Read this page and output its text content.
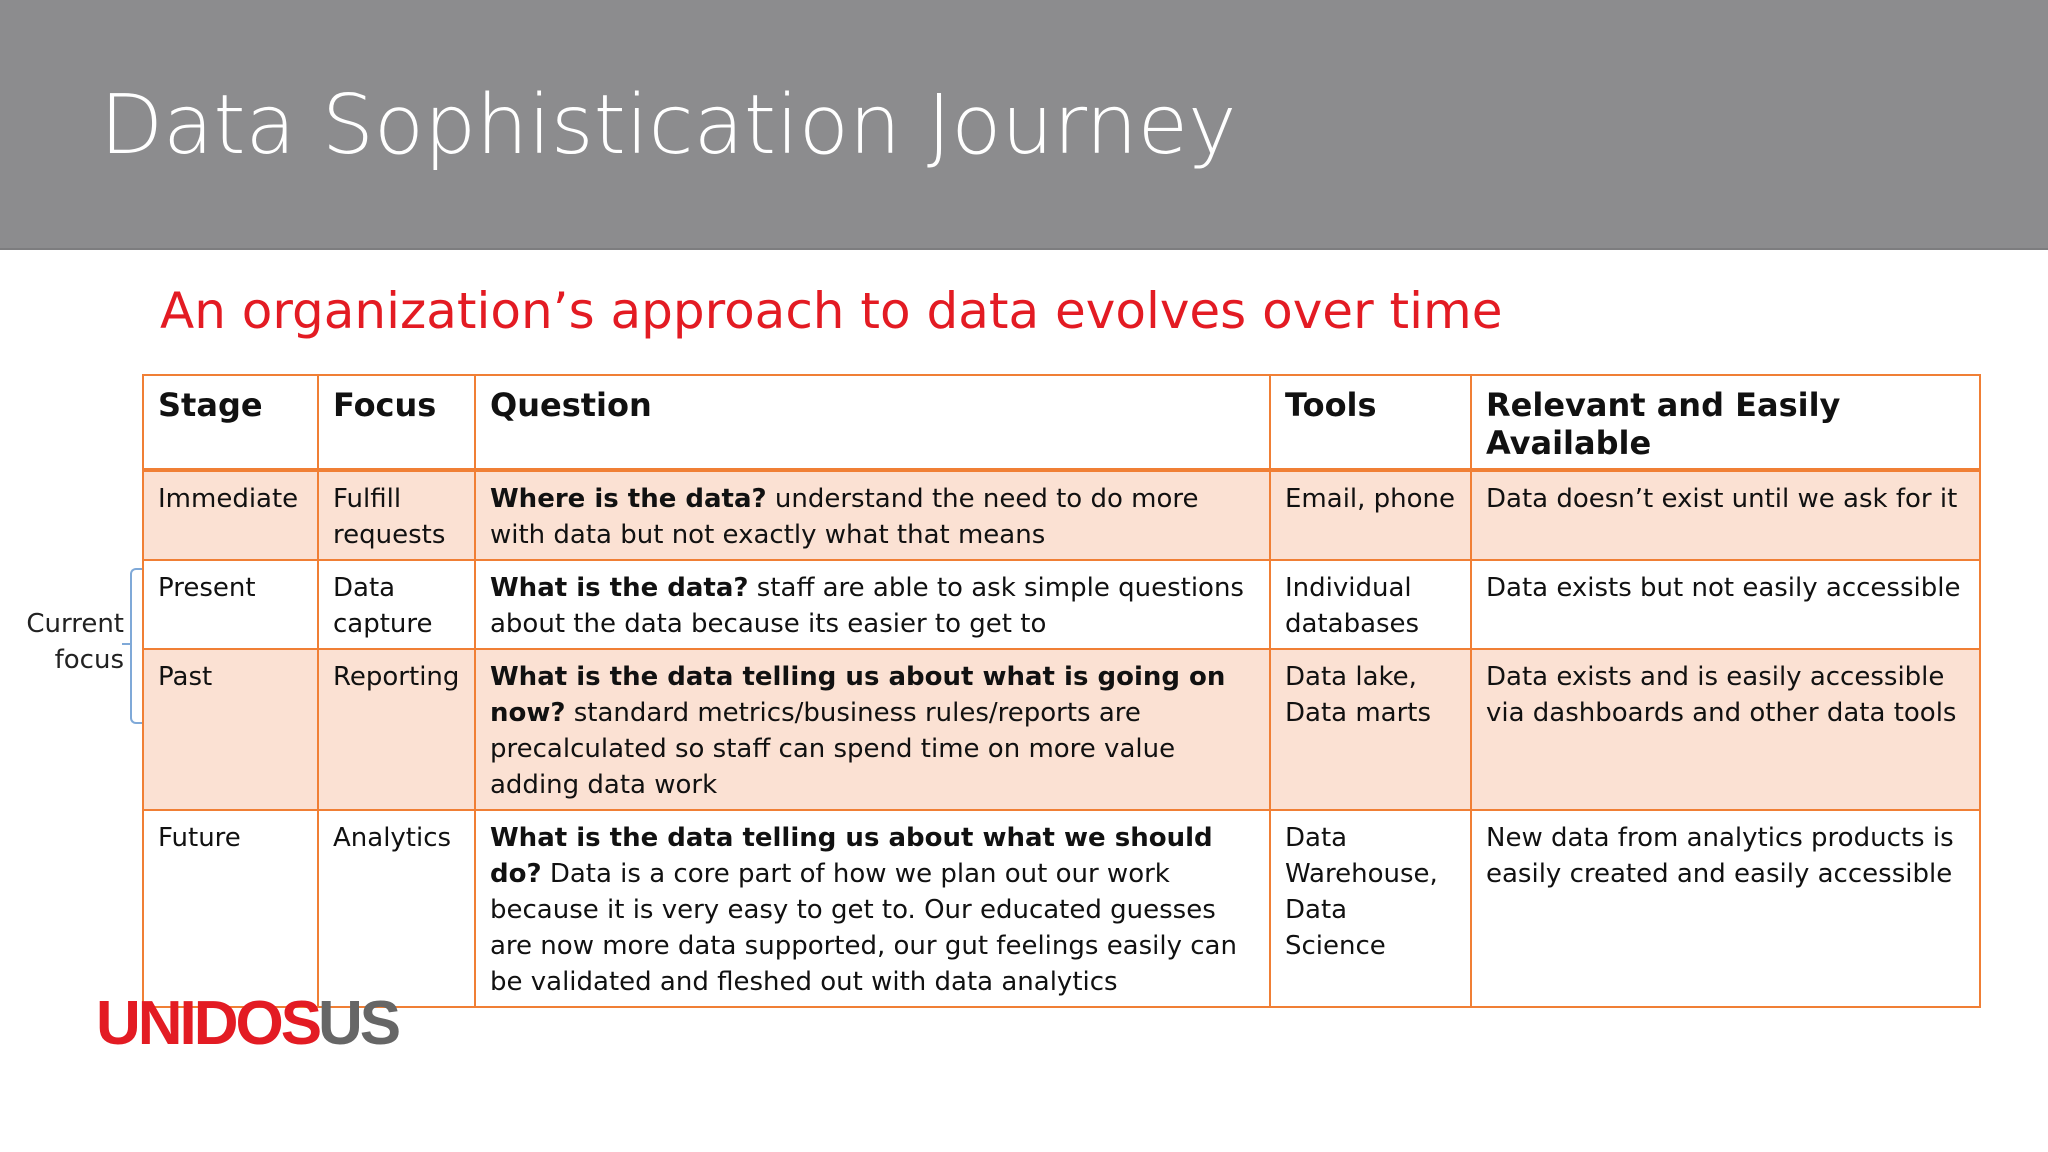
Data Sophistication Journey
An organization’s approach to data evolves over time
Current focus
Stage	Focus	Question	Tools	Relevant and Easily Available
Immediate	Fulfill requests	Where is the data? understand the need to do more with data but not exactly what that means	Email, phone	Data doesn’t exist until we ask for it
Present	Data capture	What is the data? staff are able to ask simple questions about the data because its easier to get to	Individual databases	Data exists but not easily accessible
Past	Reporting	What is the data telling us about what is going on now? standard metrics/business rules/reports are precalculated so staff can spend time on more value adding data work	Data lake, Data marts	Data exists and is easily accessible via dashboards and other data tools
Future	Analytics	What is the data telling us about what we should do? Data is a core part of how we plan out our work because it is very easy to get to. Our educated guesses are now more data supported, our gut feelings easily can be validated and fleshed out with data analytics	Data Warehouse, Data Science	New data from analytics products is easily created and easily accessible
UNIDOS
US
